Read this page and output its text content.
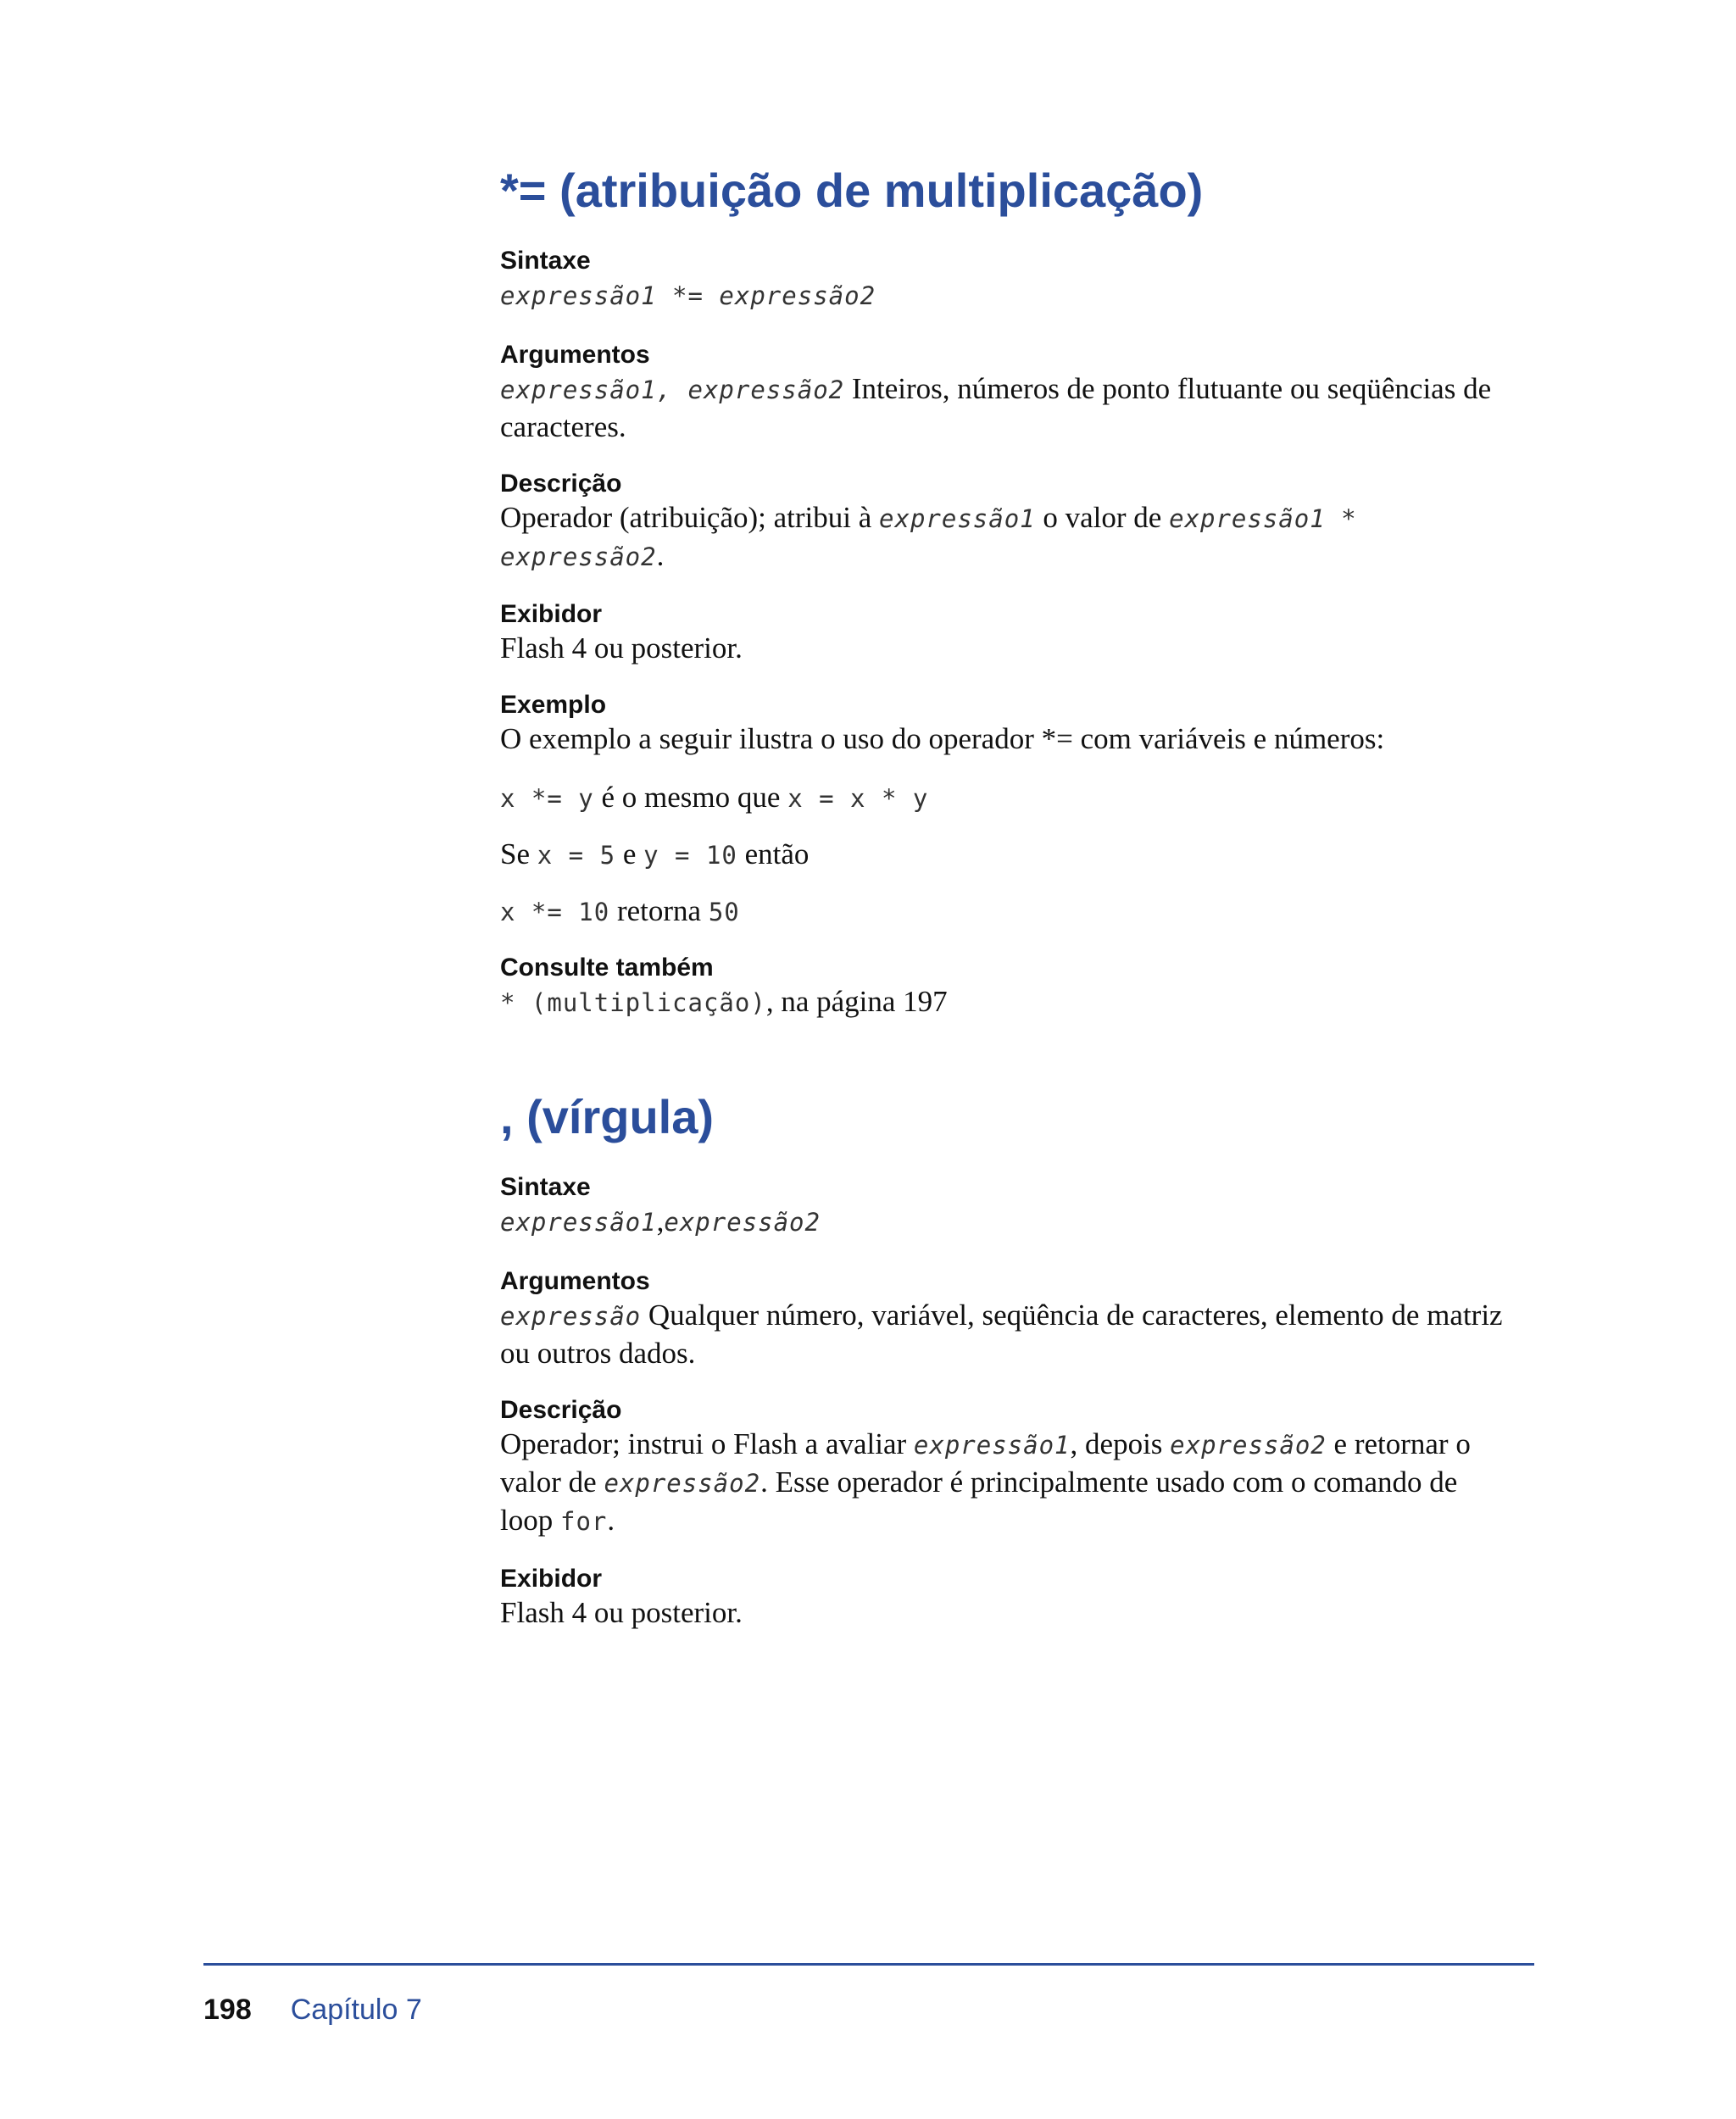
*= (atribuição de multiplicação)

Sintaxe

expressão1 *= expressão2

Argumentos

expressão1, expressão2 Inteiros, números de ponto flutuante ou seqüências de caracteres.

Descrição

Operador (atribuição); atribui à expressão1 o valor de expressão1 * expressão2.

Exibidor

Flash 4 ou posterior.

Exemplo

O exemplo a seguir ilustra o uso do operador *= com variáveis e números:

x *= y é o mesmo que x = x * y

Se x = 5 e y = 10 então

x *= 10 retorna 50

Consulte também

* (multiplicação), na página 197

, (vírgula)

Sintaxe

expressão1,expressão2

Argumentos

expressão Qualquer número, variável, seqüência de caracteres, elemento de matriz ou outros dados.

Descrição

Operador; instrui o Flash a avaliar expressão1, depois expressão2 e retornar o valor de expressão2. Esse operador é principalmente usado com o comando de loop for.

Exibidor

Flash 4 ou posterior.

198 Capítulo 7
